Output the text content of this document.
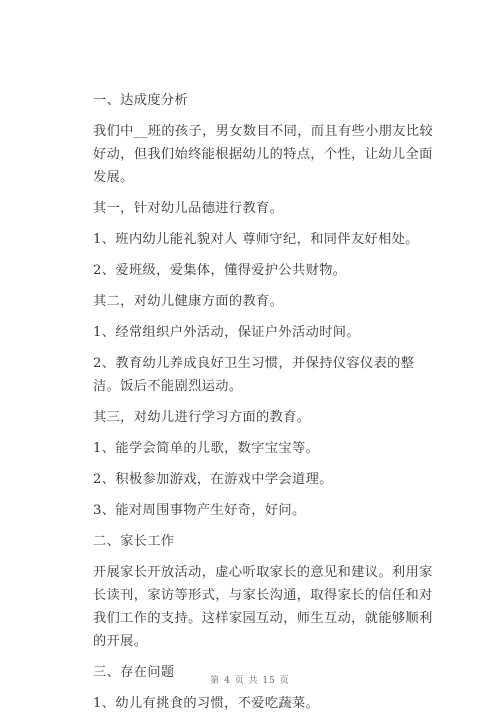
一、达成度分析

我们中__班的孩子，男女数目不同，而且有些小朋友比较好动，但我们始终能根据幼儿的特点，个性，让幼儿全面发展。

其一，针对幼儿品德进行教育。

1、班内幼儿能礼貌对人 尊师守纪，和同伴友好相处。

2、爱班级，爱集体，懂得爱护公共财物。

其二，对幼儿健康方面的教育。

1、经常组织户外活动，保证户外活动时间。

2、教育幼儿养成良好卫生习惯，并保持仪容仪表的整洁。饭后不能剧烈运动。

其三，对幼儿进行学习方面的教育。

1、能学会简单的儿歌，数字宝宝等。

2、积极参加游戏，在游戏中学会道理。

3、能对周围事物产生好奇，好问。

二、家长工作

开展家长开放活动，虚心听取家长的意见和建议。利用家长读刊，家访等形式，与家长沟通，取得家长的信任和对我们工作的支持。这样家园互动，师生互动，就能够顺利的开展。

三、存在问题

1、幼儿有挑食的习惯，不爱吃蔬菜。

第 4 页 共 15 页
